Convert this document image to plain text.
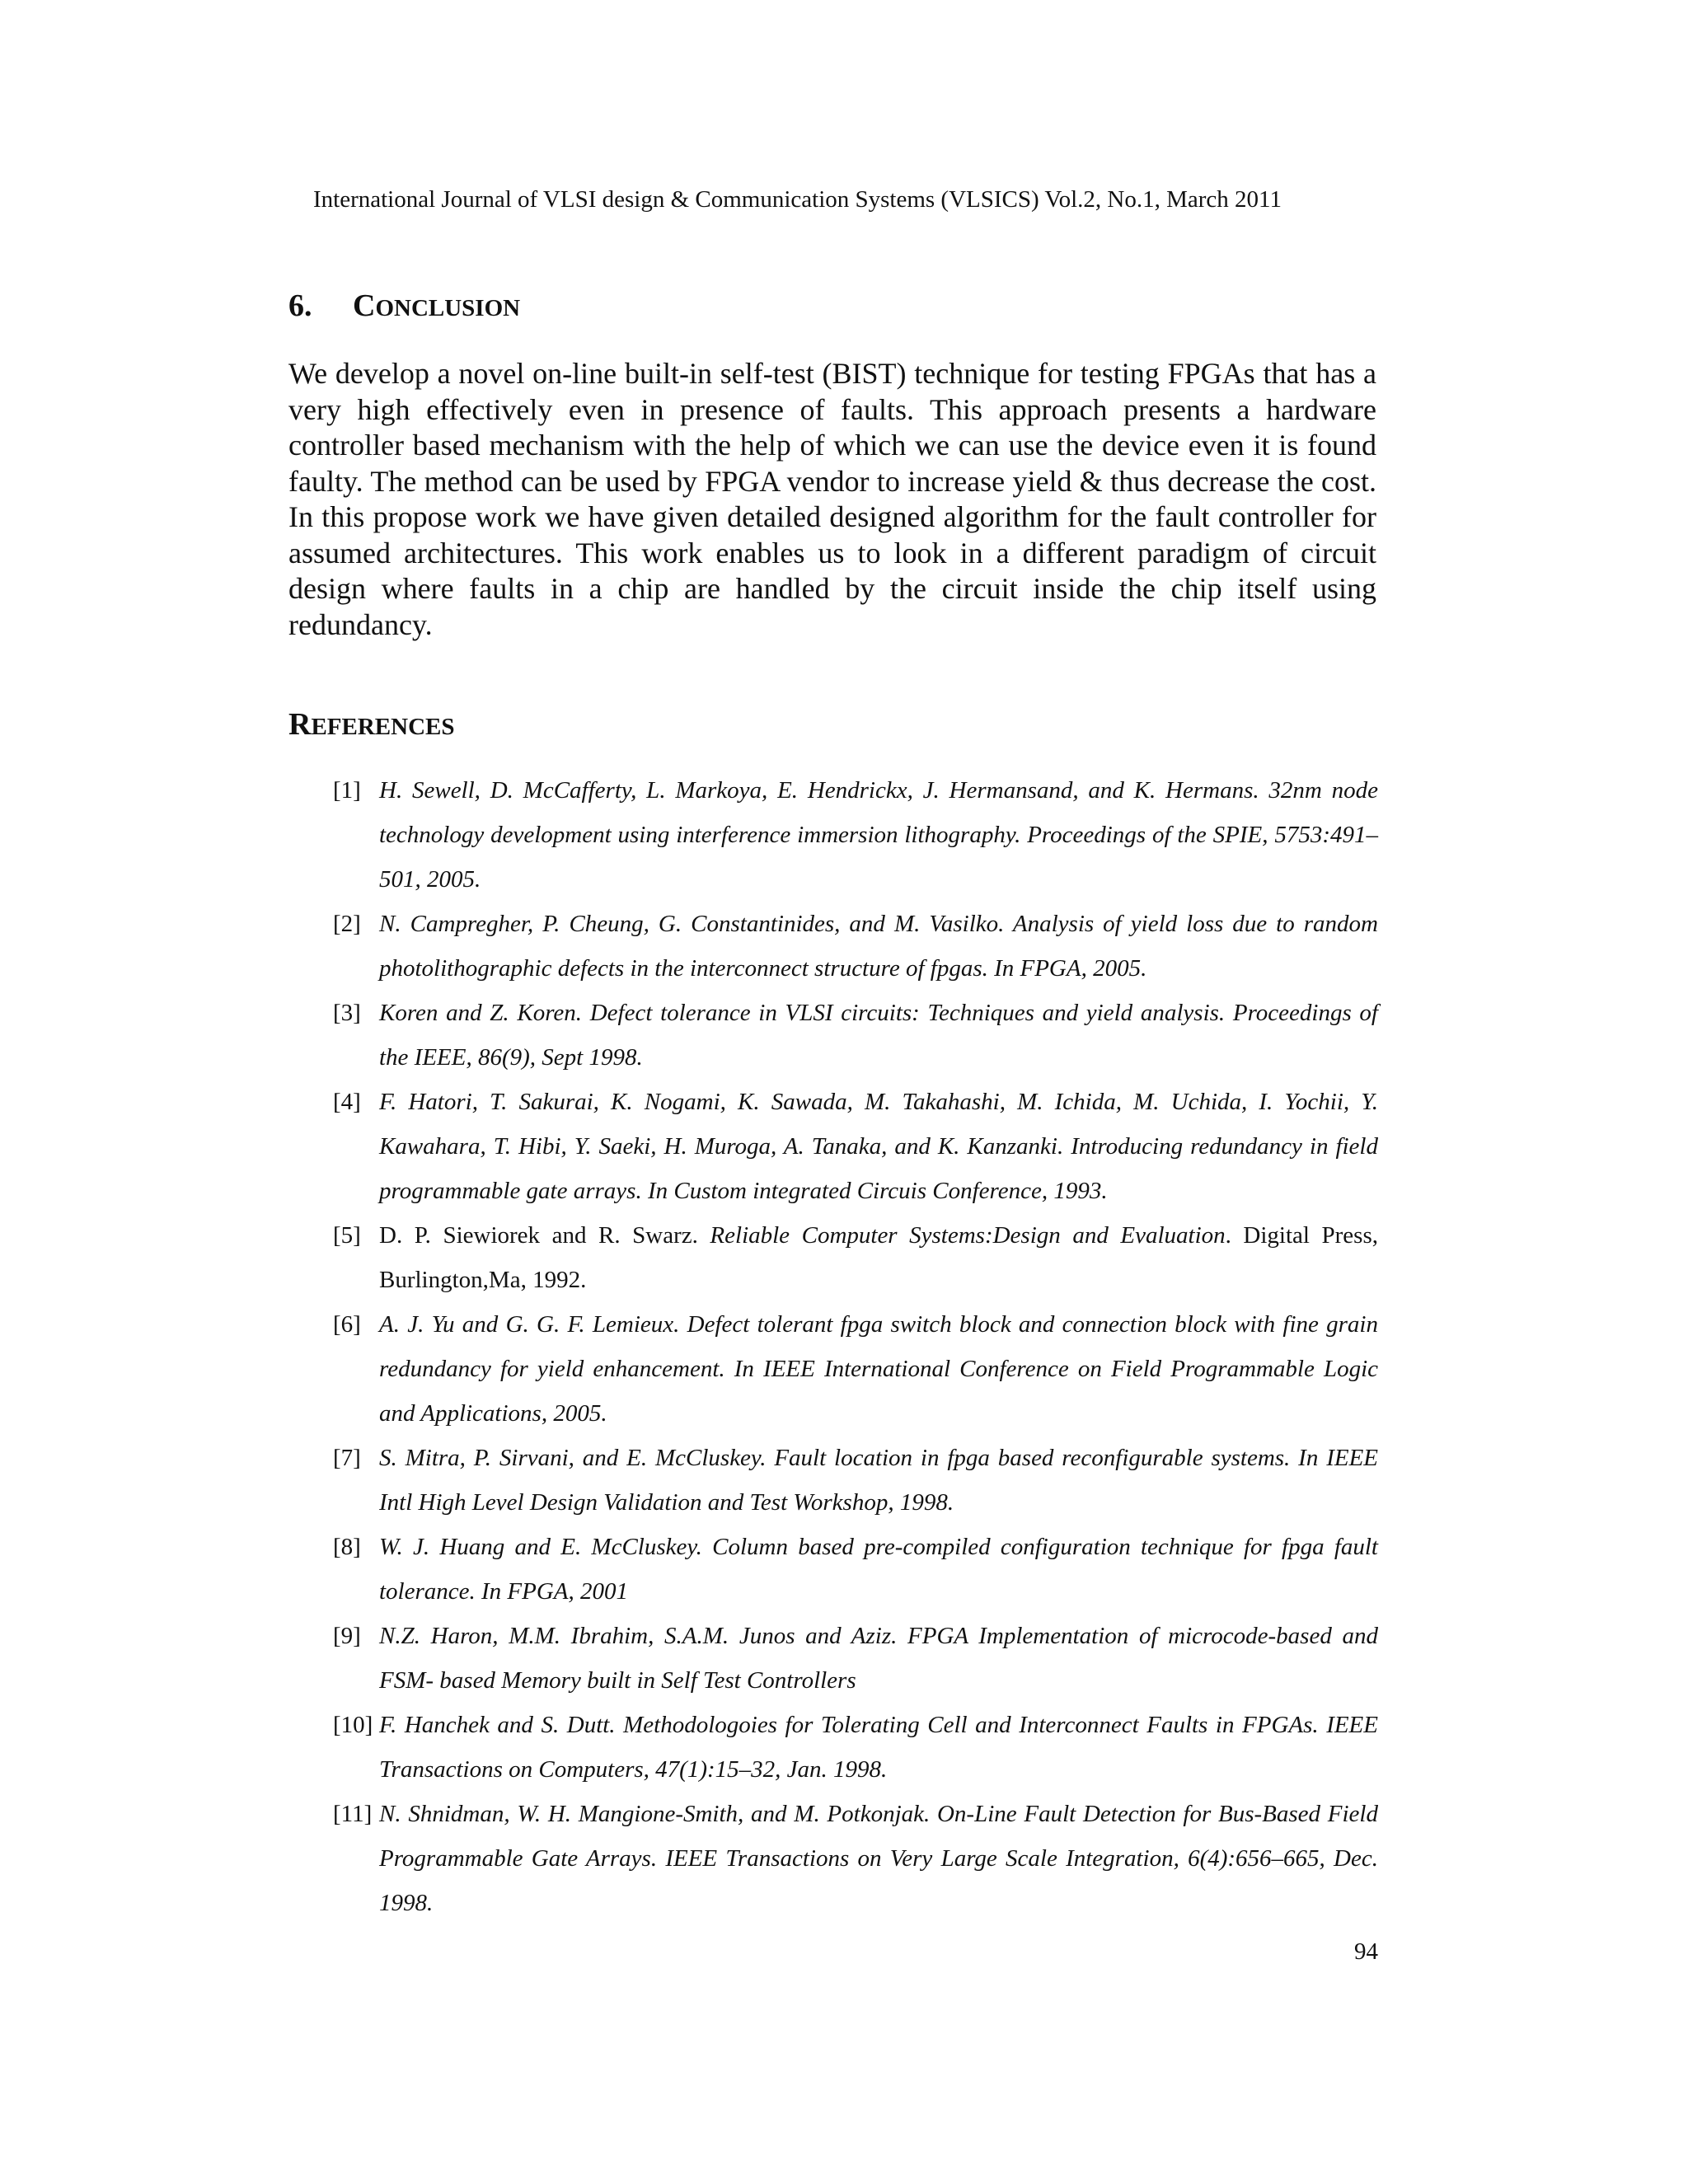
International Journal of VLSI design & Communication Systems (VLSICS) Vol.2, No.1, March 2011
6. CONCLUSION

We develop a novel on-line built-in self-test (BIST) technique for testing FPGAs that has a very high effectively even in presence of faults. This approach presents a hardware controller based mechanism with the help of which we can use the device even it is found faulty. The method can be used by FPGA vendor to increase yield & thus decrease the cost. In this propose work we have given detailed designed algorithm for the fault controller for assumed architectures. This work enables us to look in a different paradigm of circuit design where faults in a chip are handled by the circuit inside the chip itself using redundancy.

REFERENCES
[1] H. Sewell, D. McCafferty, L. Markoya, E. Hendrickx, J. Hermansand, and K. Hermans. 32nm node technology development using interference immersion lithography. Proceedings of the SPIE, 5753:491–501, 2005.
[2] N. Campregher, P. Cheung, G. Constantinides, and M. Vasilko. Analysis of yield loss due to random photolithographic defects in the interconnect structure of fpgas. In FPGA, 2005.
[3] Koren and Z. Koren. Defect tolerance in VLSI circuits: Techniques and yield analysis. Proceedings of the IEEE, 86(9), Sept 1998.
[4] F. Hatori, T. Sakurai, K. Nogami, K. Sawada, M. Takahashi, M. Ichida, M. Uchida, I. Yochii, Y. Kawahara, T. Hibi, Y. Saeki, H. Muroga, A. Tanaka, and K. Kanzanki. Introducing redundancy in field programmable gate arrays. In Custom integrated Circuis Conference, 1993.
[5] D. P. Siewiorek and R. Swarz. Reliable Computer Systems:Design and Evaluation. Digital Press, Burlington,Ma, 1992.
[6] A. J. Yu and G. G. F. Lemieux. Defect tolerant fpga switch block and connection block with fine grain redundancy for yield enhancement. In IEEE International Conference on Field Programmable Logic and Applications, 2005.
[7] S. Mitra, P. Sirvani, and E. McCluskey. Fault location in fpga based reconfigurable systems. In IEEE Intl High Level Design Validation and Test Workshop, 1998.
[8] W. J. Huang and E. McCluskey. Column based pre-compiled configuration technique for fpga fault tolerance. In FPGA, 2001
[9] N.Z. Haron, M.M. Ibrahim, S.A.M. Junos and Aziz. FPGA Implementation of microcode-based and FSM- based Memory built in Self Test Controllers
[10] F. Hanchek and S. Dutt. Methodologoies for Tolerating Cell and Interconnect Faults in FPGAs. IEEE Transactions on Computers, 47(1):15–32, Jan. 1998.
[11] N. Shnidman, W. H. Mangione-Smith, and M. Potkonjak. On-Line Fault Detection for Bus-Based Field Programmable Gate Arrays. IEEE Transactions on Very Large Scale Integration, 6(4):656–665, Dec. 1998.
94
